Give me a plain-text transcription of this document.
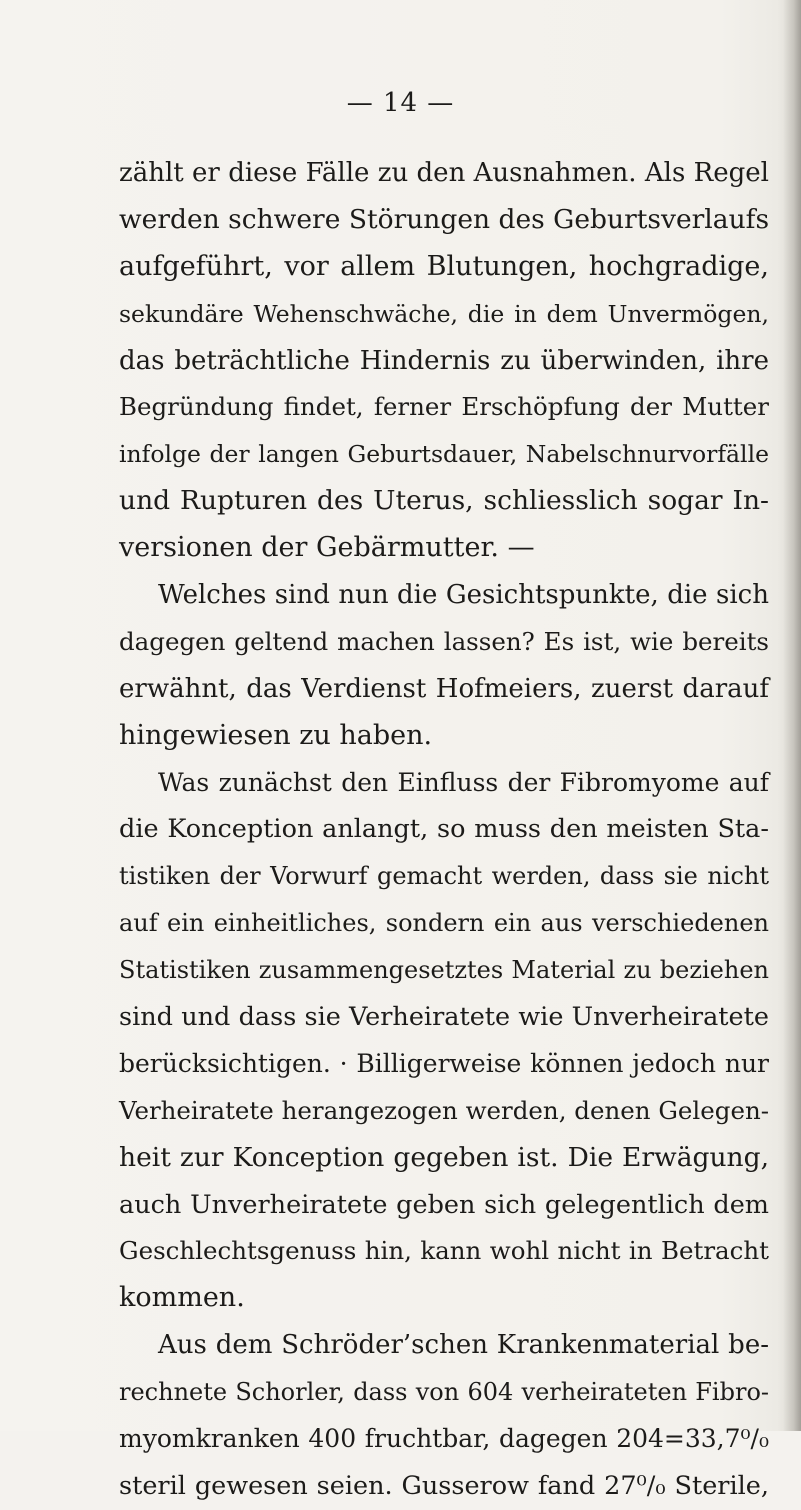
— 14 —
zählt er diese Fälle zu den Ausnahmen. Als Regel
werden schwere Störungen des Geburtsverlaufs
aufgeführt, vor allem Blutungen, hochgradige,
sekundäre Wehenschwäche, die in dem Unvermögen,
das beträchtliche Hindernis zu überwinden, ihre
Begründung findet, ferner Erschöpfung der Mutter
infolge der langen Geburtsdauer, Nabelschnurvorfälle
und Rupturen des Uterus, schliesslich sogar In-
versionen der Gebärmutter. —
Welches sind nun die Gesichtspunkte, die sich
dagegen geltend machen lassen? Es ist, wie bereits
erwähnt, das Verdienst Hofmeiers, zuerst darauf
hingewiesen zu haben.
Was zunächst den Einfluss der Fibromyome auf
die Konception anlangt, so muss den meisten Sta-
tistiken der Vorwurf gemacht werden, dass sie nicht
auf ein einheitliches, sondern ein aus verschiedenen
Statistiken zusammengesetztes Material zu beziehen
sind und dass sie Verheiratete wie Unverheiratete
berücksichtigen. · Billigerweise können jedoch nur
Verheiratete herangezogen werden, denen Gelegen-
heit zur Konception gegeben ist. Die Erwägung,
auch Unverheiratete geben sich gelegentlich dem
Geschlechtsgenuss hin, kann wohl nicht in Betracht
kommen.
Aus dem Schröder’schen Krankenmaterial be-
rechnete Schorler, dass von 604 verheirateten Fibro-
myomkranken 400 fruchtbar, dagegen 204=33,7⁰/₀
steril gewesen seien. Gusserow fand 27⁰/₀ Sterile,
